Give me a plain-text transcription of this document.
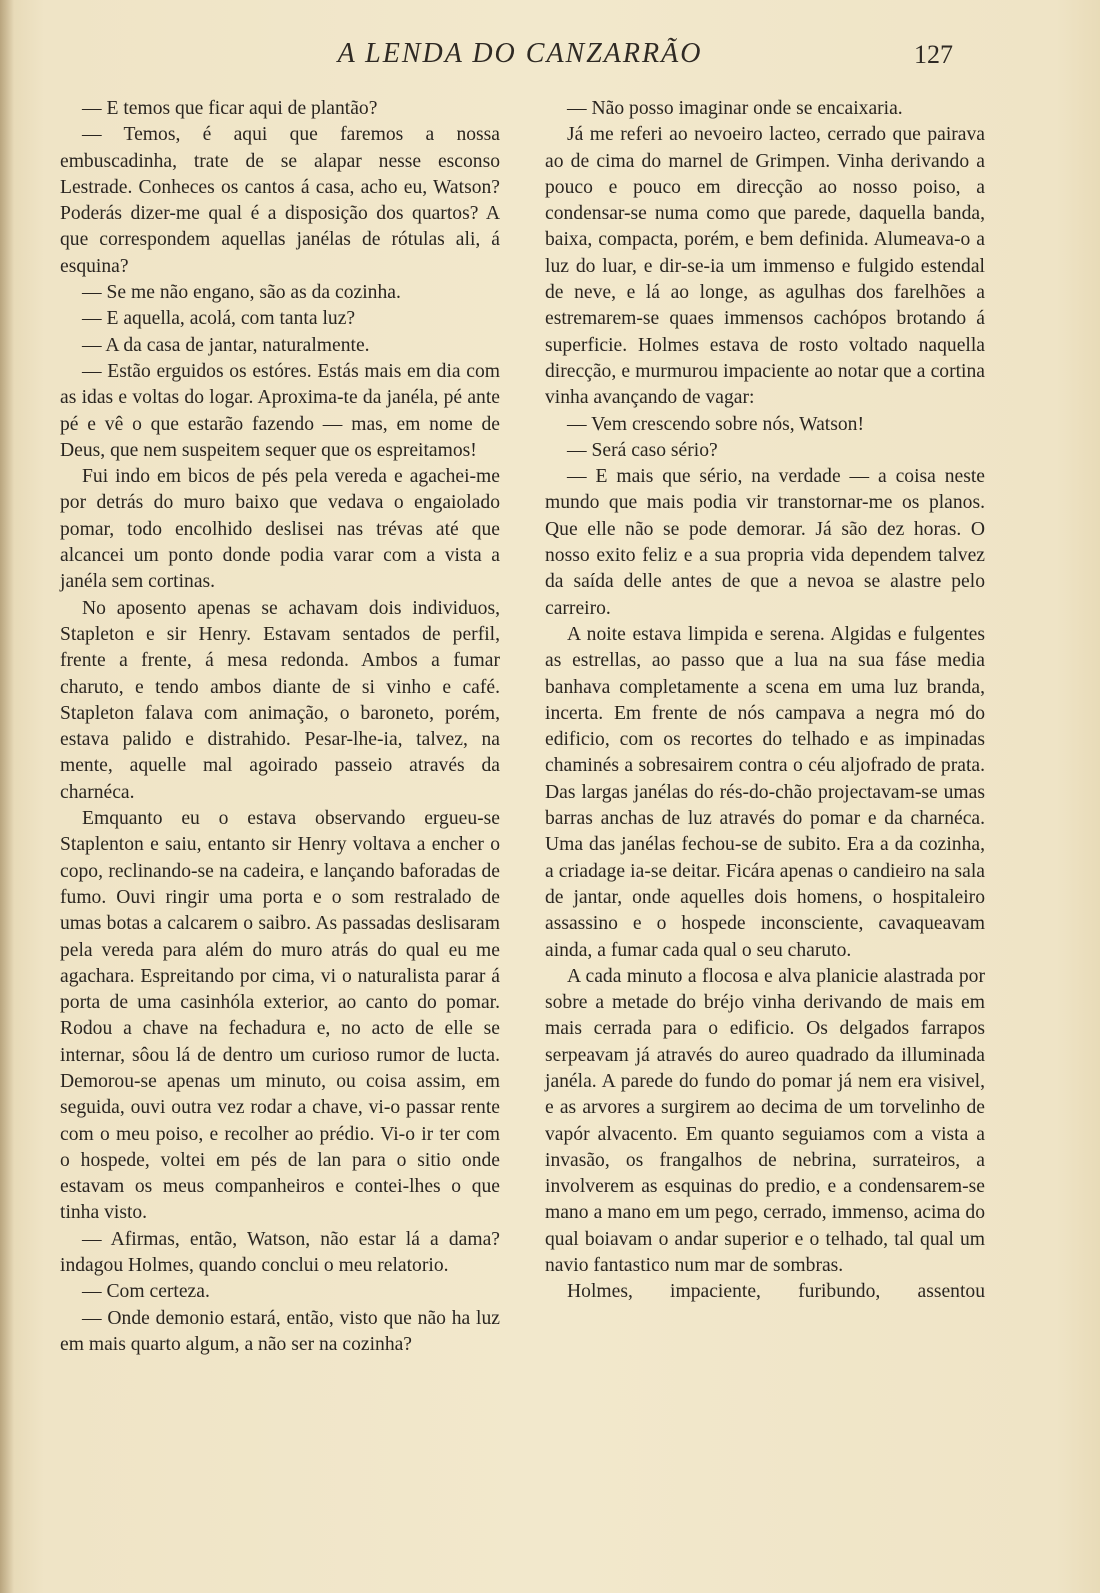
A LENDA DO CANZARRÃO	127

— E temos que ficar aqui de plantão?

— Temos, é aqui que faremos a nossa embuscadinha, trate de se alapar nesse esconso Lestrade. Conheces os cantos á casa, acho eu, Watson? Poderás dizer-me qual é a disposição dos quartos? A que correspondem aquellas janélas de rótulas ali, á esquina?

— Se me não engano, são as da cozinha.

— E aquella, acolá, com tanta luz?

— A da casa de jantar, naturalmente.

— Estão erguidos os estóres. Estás mais em dia com as idas e voltas do logar. Aproxima-te da janéla, pé ante pé e vê o que estarão fazendo — mas, em nome de Deus, que nem suspeitem sequer que os espreitamos!

Fui indo em bicos de pés pela vereda e agachei-me por detrás do muro baixo que vedava o engaiolado pomar, todo encolhido deslisei nas trévas até que alcancei um ponto donde podia varar com a vista a janéla sem cortinas.

No aposento apenas se achavam dois individuos, Stapleton e sir Henry. Estavam sentados de perfil, frente a frente, á mesa redonda. Ambos a fumar charuto, e tendo ambos diante de si vinho e café. Stapleton falava com animação, o baroneto, porém, estava palido e distrahido. Pesar-lhe-ia, talvez, na mente, aquelle mal agoirado passeio através da charnéca.

Emquanto eu o estava observando ergueu-se Staplenton e saiu, entanto sir Henry voltava a encher o copo, reclinando-se na cadeira, e lançando baforadas de fumo. Ouvi ringir uma porta e o som restralado de umas botas a calcarem o saibro. As passadas deslisaram pela vereda para além do muro atrás do qual eu me agachara. Espreitando por cima, vi o naturalista parar á porta de uma casinhóla exterior, ao canto do pomar. Rodou a chave na fechadura e, no acto de elle se internar, sôou lá de dentro um curioso rumor de lucta. Demorou-se apenas um minuto, ou coisa assim, em seguida, ouvi outra vez rodar a chave, vi-o passar rente com o meu poiso, e recolher ao prédio. Vi-o ir ter com o hospede, voltei em pés de lan para o sitio onde estavam os meus companheiros e contei-lhes o que tinha visto.

— Afirmas, então, Watson, não estar lá a dama? indagou Holmes, quando conclui o meu relatorio.

— Com certeza.

— Onde demonio estará, então, visto que não ha luz em mais quarto algum, a não ser na cozinha?

— Não posso imaginar onde se encaixaria.

Já me referi ao nevoeiro lacteo, cerrado que pairava ao de cima do marnel de Grimpen. Vinha derivando a pouco e pouco em direcção ao nosso poiso, a condensar-se numa como que parede, daquella banda, baixa, compacta, porém, e bem definida. Alumeava-o a luz do luar, e dir-se-ia um immenso e fulgido estendal de neve, e lá ao longe, as agulhas dos farelhões a estremarem-se quaes immensos cachópos brotando á superficie. Holmes estava de rosto voltado naquella direcção, e murmurou impaciente ao notar que a cortina vinha avançando de vagar:

— Vem crescendo sobre nós, Watson!

— Será caso sério?

— E mais que sério, na verdade — a coisa neste mundo que mais podia vir transtornar-me os planos. Que elle não se pode demorar. Já são dez horas. O nosso exito feliz e a sua propria vida dependem talvez da saída delle antes de que a nevoa se alastre pelo carreiro.

A noite estava limpida e serena. Algidas e fulgentes as estrellas, ao passo que a lua na sua fáse media banhava completamente a scena em uma luz branda, incerta. Em frente de nós campava a negra mó do edificio, com os recortes do telhado e as impinadas chaminés a sobresairem contra o céu aljofrado de prata. Das largas janélas do rés-do-chão projectavam-se umas barras anchas de luz através do pomar e da charnéca. Uma das janélas fechou-se de subito. Era a da cozinha, a criadage ia-se deitar. Ficára apenas o candieiro na sala de jantar, onde aquelles dois homens, o hospitaleiro assassino e o hospede inconsciente, cavaqueavam ainda, a fumar cada qual o seu charuto.

A cada minuto a flocosa e alva planicie alastrada por sobre a metade do bréjo vinha derivando de mais em mais cerrada para o edificio. Os delgados farrapos serpeavam já através do aureo quadrado da illuminada janéla. A parede do fundo do pomar já nem era visivel, e as arvores a surgirem ao decima de um torvelinho de vapór alvacento. Em quanto seguiamos com a vista a invasão, os frangalhos de nebrina, surrateiros, a involverem as esquinas do predio, e a condensarem-se mano a mano em um pego, cerrado, immenso, acima do qual boiavam o andar superior e o telhado, tal qual um navio fantastico num mar de sombras.

Holmes, impaciente, furibundo, assentou
